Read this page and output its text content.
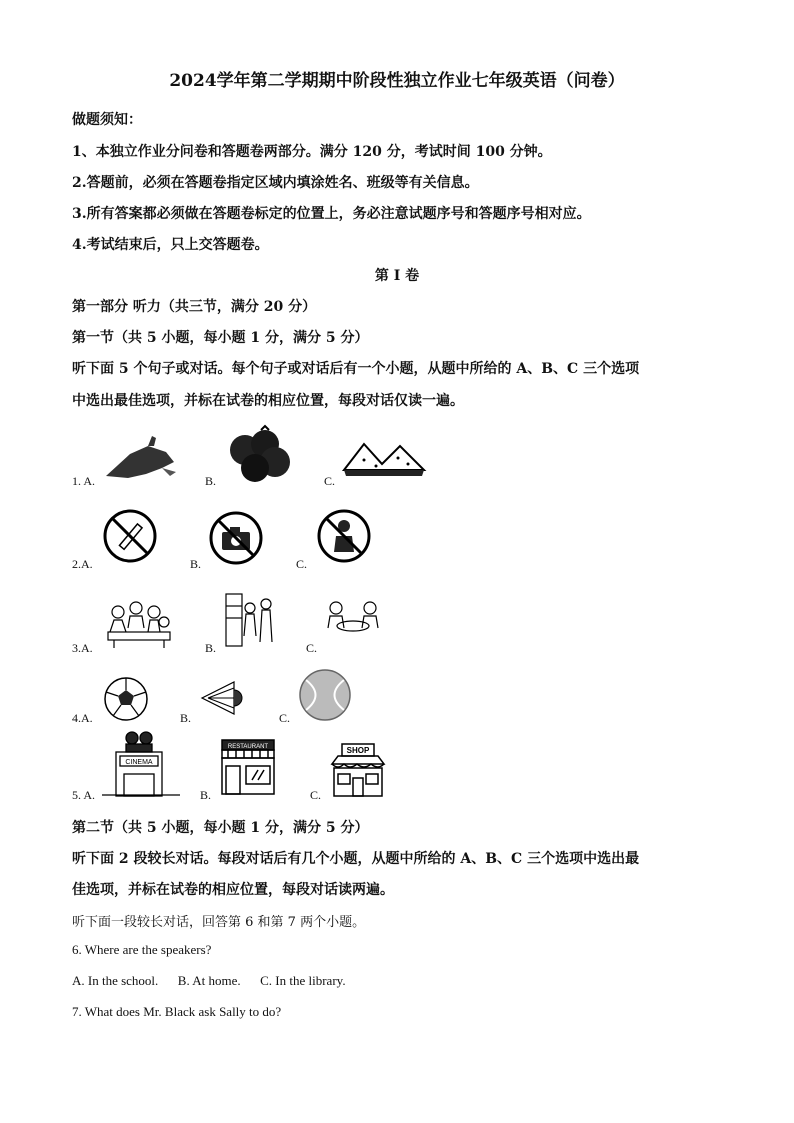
2024学年第二学期期中阶段性独立作业七年级英语（问卷）
做题须知：
1、本独立作业分问卷和答题卷两部分。满分 120 分，考试时间 100 分钟。
2.答题前，必须在答题卷指定区域内填涂姓名、班级等有关信息。
3.所有答案都必须做在答题卷标定的位置上，务必注意试题序号和答题序号相对应。
4.考试结束后，只上交答题卷。
第 I 卷
第一部分 听力（共三节，满分 20 分）
第一节（共 5 小题，每小题 1 分，满分 5 分）
听下面 5 个句子或对话。每个句子或对话后有一个小题，从题中所给的 A、B、C 三个选项
中选出最佳选项，并标在试卷的相应位置，每段对话仅读一遍。
1. A.	B.	C.
2.A.	B.	C.
3.A.	B.	C.
4.A.	B.	C.
5. A.	B.	C.
CINEMA
RESTAURANT	SHOP
第二节（共 5 小题，每小题 1 分，满分 5 分）
听下面 2 段较长对话。每段对话后有几个小题，从题中所给的 A、B、C 三个选项中选出最
佳选项，并标在试卷的相应位置，每段对话读两遍。
听下面一段较长对话，回答第 6 和第 7 两个小题。
6. Where are the speakers?
A. In the school.      B. At home.      C. In the library.
7. What does Mr. Black ask Sally to do?
